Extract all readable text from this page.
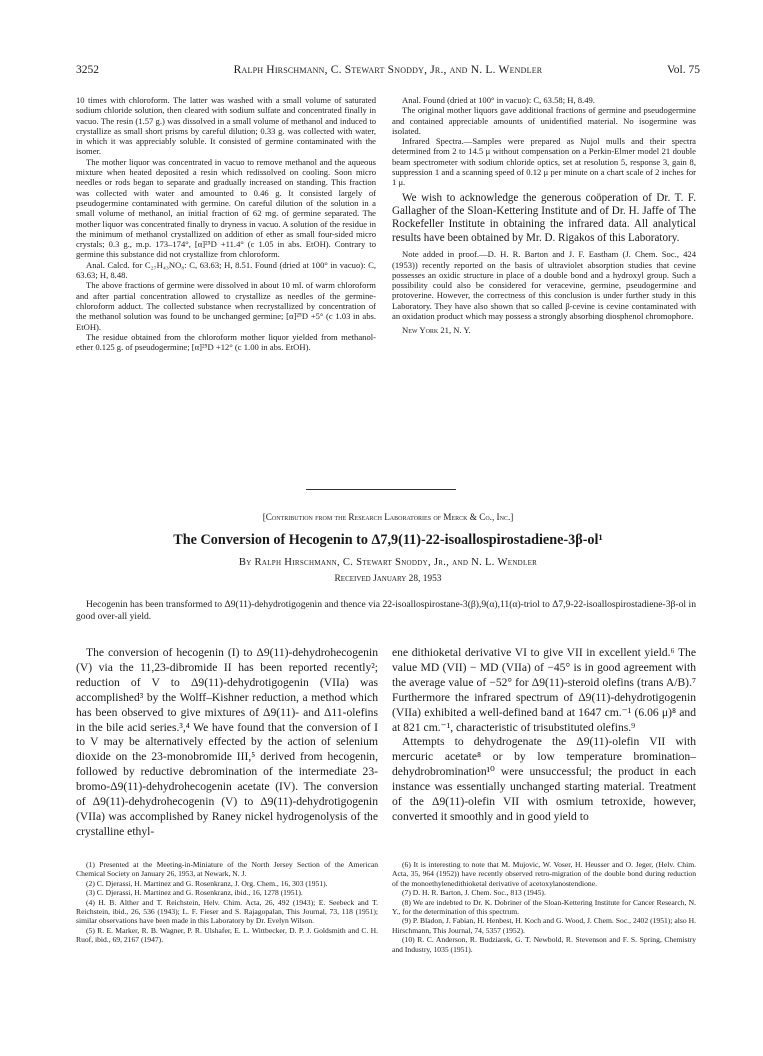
3252	Ralph Hirschmann, C. Stewart Snoddy, Jr., and N. L. Wendler	Vol. 75

10 times with chloroform. The latter was washed with a small volume of saturated sodium chloride solution, then cleared with sodium sulfate and concentrated finally in vacuo. The resin (1.57 g.) was dissolved in a small volume of methanol and induced to crystallize as small short prisms by careful dilution; 0.33 g. was collected with water, in which it was appreciably soluble. It consisted of germine contaminated with the isomer.

The mother liquor was concentrated in vacuo to remove methanol and the aqueous mixture when heated deposited a resin which redissolved on cooling. Soon micro needles or rods began to separate and gradually increased on standing. This fraction was collected with water and amounted to 0.46 g. It consisted largely of pseudogermine contaminated with germine. On careful dilution of the solution in a small volume of methanol, an initial fraction of 62 mg. of germine separated. The mother liquor was concentrated finally to dryness in vacuo. A solution of the residue in the minimum of methanol crystallized on addition of ether as small four-sided micro crystals; 0.3 g., m.p. 173–174°, [α]²⁵D +11.4° (c 1.05 in abs. EtOH). Contrary to germine this substance did not crystallize from chloroform.

Anal. Calcd. for C₂₇H₄₃NO₈: C, 63.63; H, 8.51. Found (dried at 100° in vacuo): C, 63.63; H, 8.48.

The above fractions of germine were dissolved in about 10 ml. of warm chloroform and after partial concentration allowed to crystallize as needles of the germine-chloroform adduct. The collected substance when recrystallized by concentration of the methanol solution was found to be unchanged germine; [α]²⁵D +5° (c 1.03 in abs. EtOH).

The residue obtained from the chloroform mother liquor yielded from methanol-ether 0.125 g. of pseudogermine; [α]²⁵D +12° (c 1.00 in abs. EtOH).

Anal. Found (dried at 100° in vacuo): C, 63.58; H, 8.49.

The original mother liquors gave additional fractions of germine and pseudogermine and contained appreciable amounts of unidentified material. No isogermine was isolated.

Infrared Spectra.—Samples were prepared as Nujol mulls and their spectra determined from 2 to 14.5 μ without compensation on a Perkin-Elmer model 21 double beam spectrometer with sodium chloride optics, set at resolution 5, response 3, gain 8, suppression 1 and a scanning speed of 0.12 μ per minute on a chart scale of 2 inches for 1 μ.

We wish to acknowledge the generous coöperation of Dr. T. F. Gallagher of the Sloan-Kettering Institute and of Dr. H. Jaffe of The Rockefeller Institute in obtaining the infrared data. All analytical results have been obtained by Mr. D. Rigakos of this Laboratory.

Note added in proof.—D. H. R. Barton and J. F. Eastham (J. Chem. Soc., 424 (1953)) recently reported on the basis of ultraviolet absorption studies that cevine possesses an oxidic structure in place of a double bond and a hydroxyl group. Such a possibility could also be considered for veracevine, germine, pseudogermine and protoverine. However, the correctness of this conclusion is under further study in this Laboratory. They have also shown that so called β-cevine is cevine contaminated with an oxidation product which may possess a strongly absorbing diosphenol chromophore.

New York 21, N. Y.

[Contribution from the Research Laboratories of Merck & Co., Inc.]
The Conversion of Hecogenin to Δ7,9(11)-22-isoallospirostadiene-3β-ol¹
By Ralph Hirschmann, C. Stewart Snoddy, Jr., and N. L. Wendler
Received January 28, 1953
Hecogenin has been transformed to Δ9(11)-dehydrotigogenin and thence via 22-isoallospirostane-3(β),9(α),11(α)-triol to Δ7,9-22-isoallospirostadiene-3β-ol in good over-all yield.

The conversion of hecogenin (I) to Δ9(11)-dehydrohecogenin (V) via the 11,23-dibromide II has been reported recently²; reduction of V to Δ9(11)-dehydrotigogenin (VIIa) was accomplished³ by the Wolff–Kishner reduction, a method which has been observed to give mixtures of Δ9(11)- and Δ11-olefins in the bile acid series.³,⁴ We have found that the conversion of I to V may be alternatively effected by the action of selenium dioxide on the 23-monobromide III,⁵ derived from hecogenin, followed by reductive debromination of the intermediate 23-bromo-Δ9(11)-dehydrohecogenin acetate (IV). The conversion of Δ9(11)-dehydrohecogenin (V) to Δ9(11)-dehydrotigogenin (VIIa) was accomplished by Raney nickel hydrogenolysis of the crystalline ethyl-

ene dithioketal derivative VI to give VII in excellent yield.⁶ The value MD (VII) − MD (VIIa) of −45° is in good agreement with the average value of −52° for Δ9(11)-steroid olefins (trans A/B).⁷ Furthermore the infrared spectrum of Δ9(11)-dehydrotigogenin (VIIa) exhibited a well-defined band at 1647 cm.⁻¹ (6.06 μ)⁸ and at 821 cm.⁻¹, characteristic of trisubstituted olefins.⁹

Attempts to dehydrogenate the Δ9(11)-olefin VII with mercuric acetate⁸ or by low temperature bromination–dehydrobromination¹⁰ were unsuccessful; the product in each instance was essentially unchanged starting material. Treatment of the Δ9(11)-olefin VII with osmium tetroxide, however, converted it smoothly and in good yield to

(1) Presented at the Meeting-in-Miniature of the North Jersey Section of the American Chemical Society on January 26, 1953, at Newark, N. J.

(2) C. Djerassi, H. Martinez and G. Rosenkranz, J. Org. Chem., 16, 303 (1951).

(3) C. Djerassi, H. Martinez and G. Rosenkranz, ibid., 16, 1278 (1951).

(4) H. B. Alther and T. Reichstein, Helv. Chim. Acta, 26, 492 (1943); E. Seebeck and T. Reichstein, ibid., 26, 536 (1943); L. F. Fieser and S. Rajagopalan, This Journal, 73, 118 (1951); similar observations have been made in this Laboratory by Dr. Evelyn Wilson.

(5) R. E. Marker, R. B. Wagner, P. R. Ulshafer, E. L. Wittbecker, D. P. J. Goldsmith and C. H. Ruof, ibid., 69, 2167 (1947).

(6) It is interesting to note that M. Mujovic, W. Voser, H. Heusser and O. Jeger, (Helv. Chim. Acta, 35, 964 (1952)) have recently observed retro-migration of the double bond during reduction of the monoethylenedithioketal derivative of acetoxylanostendione.

(7) D. H. R. Barton, J. Chem. Soc., 813 (1945).

(8) We are indebted to Dr. K. Dobriner of the Sloan-Kettering Institute for Cancer Research, N. Y., for the determination of this spectrum.

(9) P. Bladon, J. Fabian, H. Henbest, H. Koch and G. Wood, J. Chem. Soc., 2402 (1951); also H. Hirschmann, This Journal, 74, 5357 (1952).

(10) R. C. Anderson, R. Budziarek, G. T. Newbold, R. Stevenson and F. S. Spring, Chemistry and Industry, 1035 (1951).
